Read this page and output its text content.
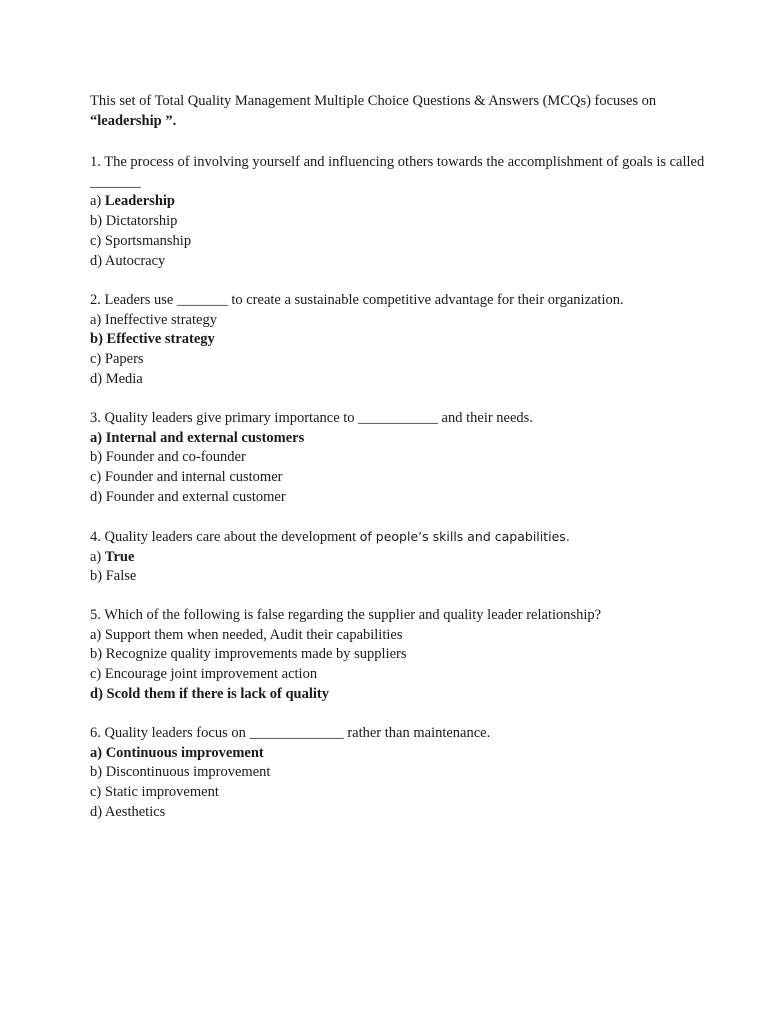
This set of Total Quality Management Multiple Choice Questions & Answers (MCQs) focuses on
“leadership ”.

1. The process of involving yourself and influencing others towards the accomplishment of goals is called _______

a) Leadership

b) Dictatorship

c) Sportsmanship

d) Autocracy

2. Leaders use _______ to create a sustainable competitive advantage for their organization.

a) Ineffective strategy

b) Effective strategy

c) Papers

d) Media

3. Quality leaders give primary importance to ___________ and their needs.

a) Internal and external customers

b) Founder and co-founder

c) Founder and internal customer

d) Founder and external customer

4. Quality leaders care about the development of people’s skills and capabilities.

a) True

b) False

5. Which of the following is false regarding the supplier and quality leader relationship?

a) Support them when needed, Audit their capabilities

b) Recognize quality improvements made by suppliers

c) Encourage joint improvement action

d) Scold them if there is lack of quality

6. Quality leaders focus on _____________ rather than maintenance.

a) Continuous improvement

b) Discontinuous improvement

c) Static improvement

d) Aesthetics
